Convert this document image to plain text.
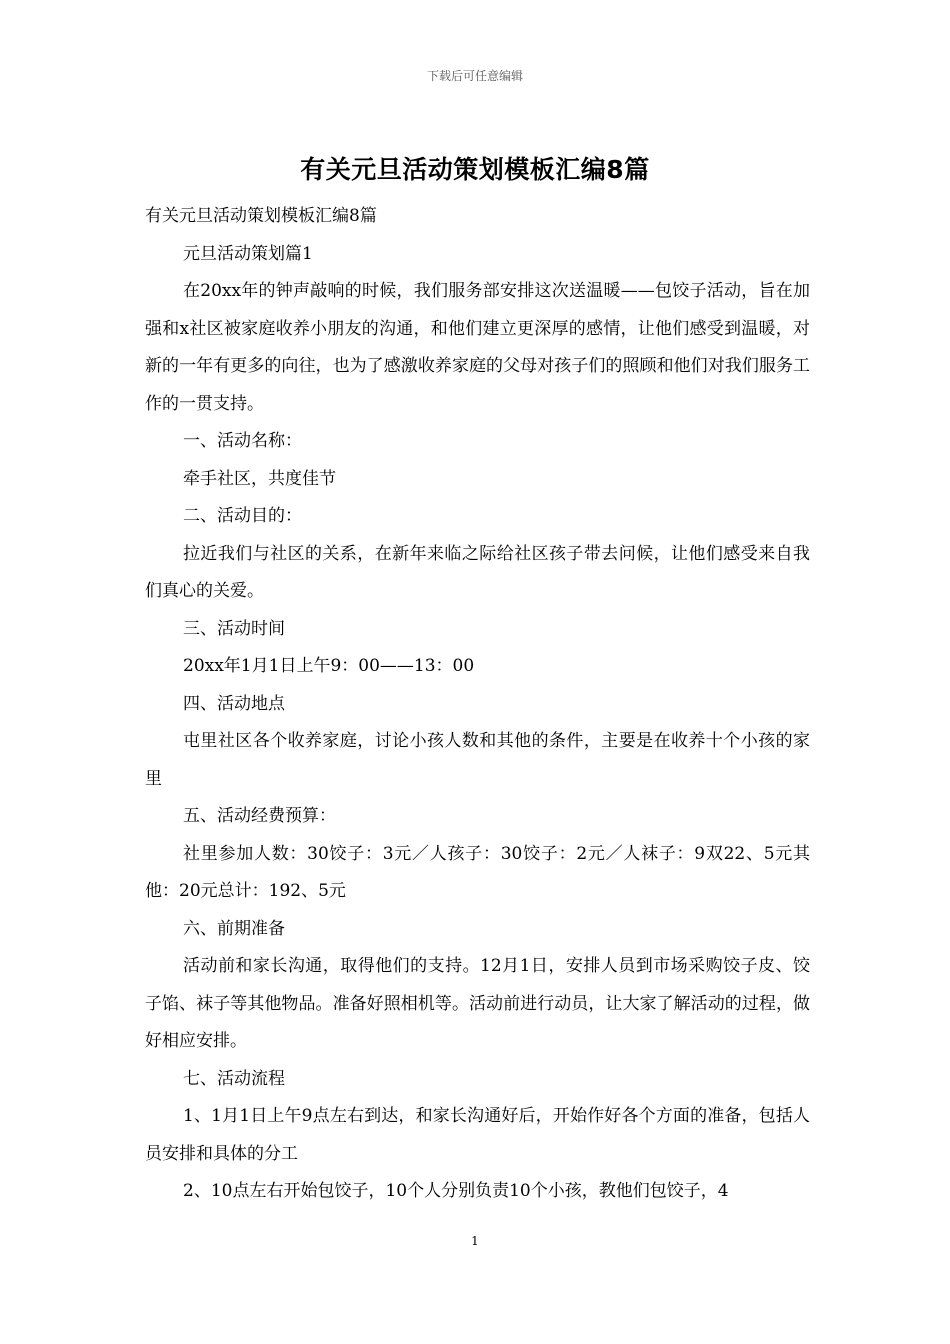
下载后可任意编辑
有关元旦活动策划模板汇编8篇

有关元旦活动策划模板汇编8篇

元旦活动策划篇1

在20xx年的钟声敲响的时候，我们服务部安排这次送温暖——包饺子活动，旨在加强和x社区被家庭收养小朋友的沟通，和他们建立更深厚的感情，让他们感受到温暖，对新的一年有更多的向往，也为了感激收养家庭的父母对孩子们的照顾和他们对我们服务工作的一贯支持。

一、活动名称：

牵手社区，共度佳节

二、活动目的：

拉近我们与社区的关系，在新年来临之际给社区孩子带去问候，让他们感受来自我们真心的关爱。

三、活动时间

20xx年1月1日上午9：00——13：00

四、活动地点

屯里社区各个收养家庭，讨论小孩人数和其他的条件，主要是在收养十个小孩的家里

五、活动经费预算：

社里参加人数：30饺子：3元／人孩子：30饺子：2元／人袜子：9双22、5元其他：20元总计：192、5元

六、前期准备

活动前和家长沟通，取得他们的支持。12月1日，安排人员到市场采购饺子皮、饺子馅、袜子等其他物品。准备好照相机等。活动前进行动员，让大家了解活动的过程，做好相应安排。

七、活动流程

1、1月1日上午9点左右到达，和家长沟通好后，开始作好各个方面的准备，包括人员安排和具体的分工

2、10点左右开始包饺子，10个人分别负责10个小孩，教他们包饺子，4

1
